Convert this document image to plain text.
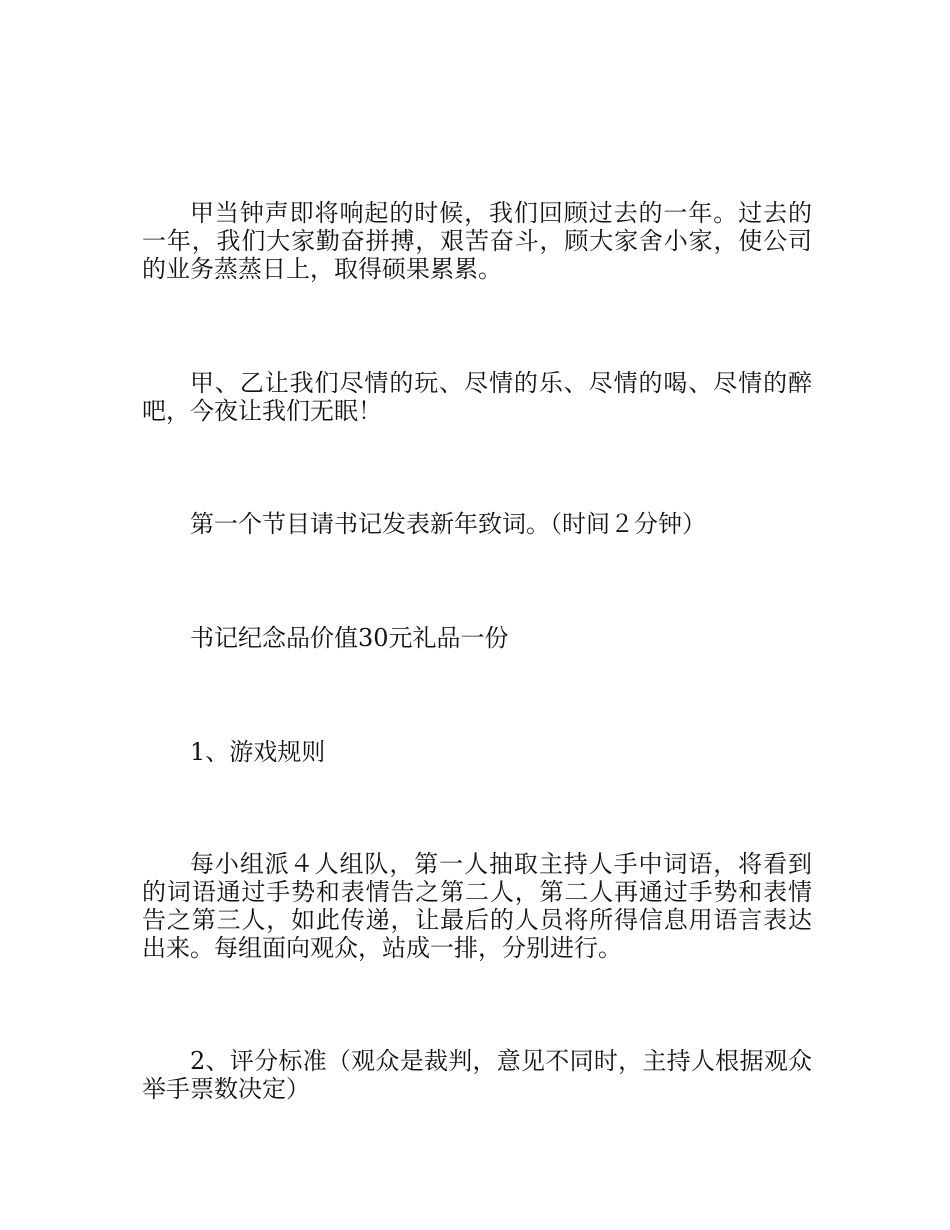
甲当钟声即将响起的时候，我们回顾过去的一年。过去的一年，我们大家勤奋拼搏，艰苦奋斗，顾大家舍小家，使公司的业务蒸蒸日上，取得硕果累累。

甲、乙让我们尽情的玩、尽情的乐、尽情的喝、尽情的醉吧，今夜让我们无眠！

第一个节目请书记发表新年致词。（时间２分钟）

书记纪念品价值30元礼品一份

1、游戏规则

每小组派４人组队，第一人抽取主持人手中词语，将看到的词语通过手势和表情告之第二人，第二人再通过手势和表情告之第三人，如此传递，让最后的人员将所得信息用语言表达出来。每组面向观众，站成一排，分别进行。

2、评分标准（观众是裁判，意见不同时，主持人根据观众举手票数决定）
